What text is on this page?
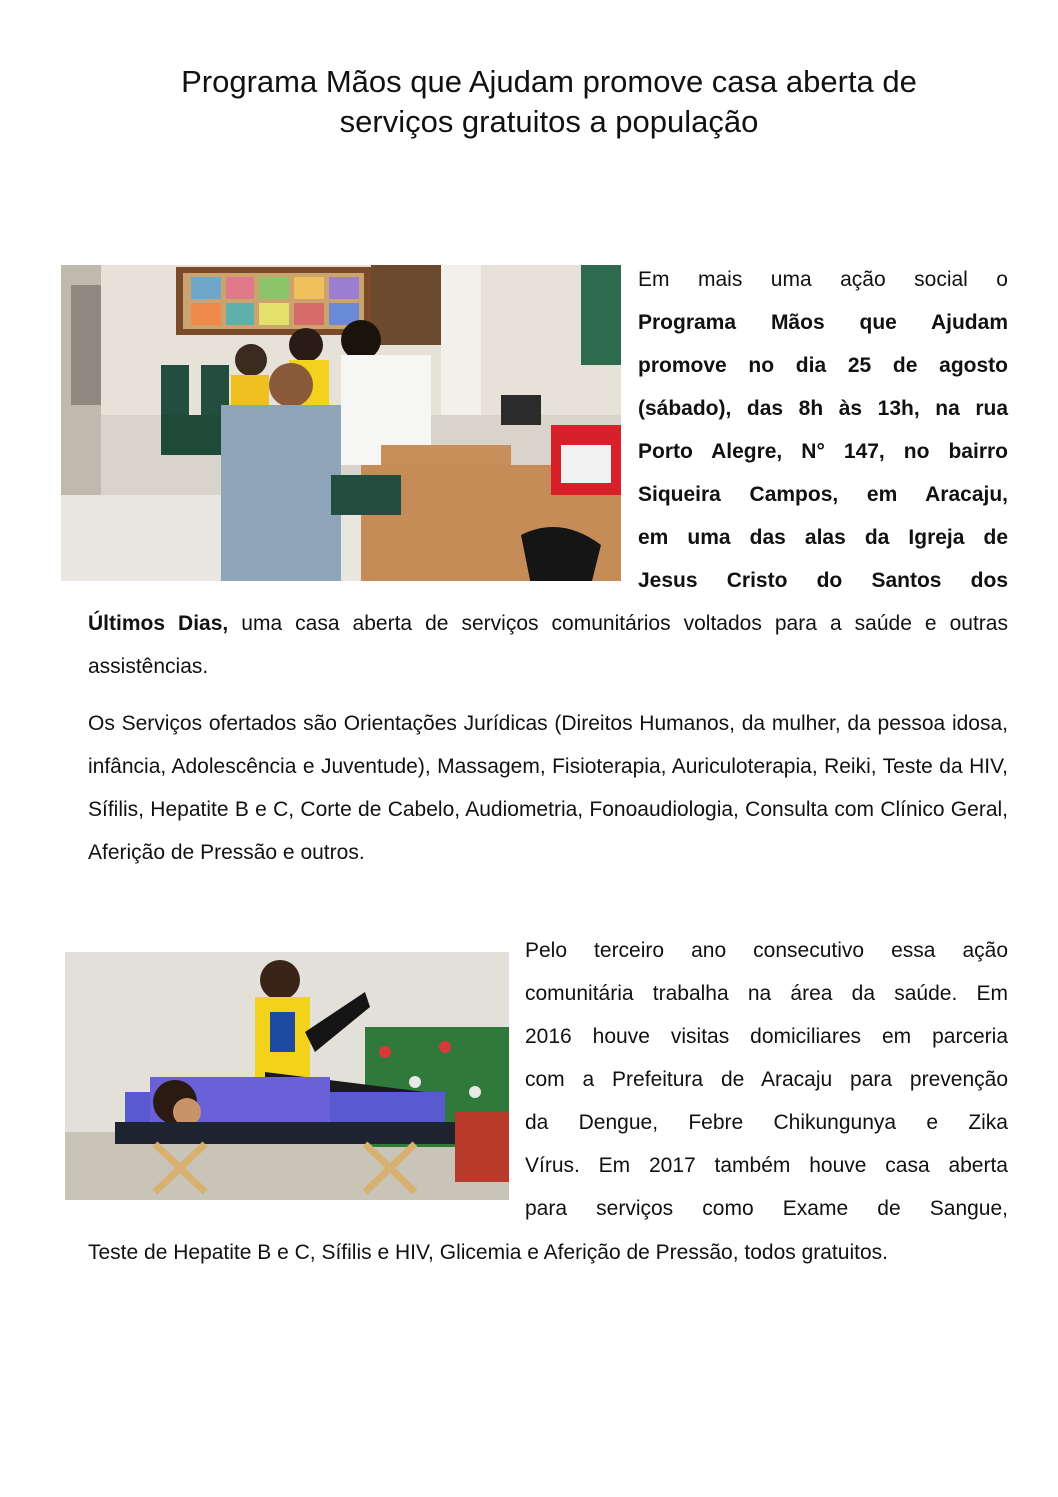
Programa Mãos que Ajudam promove casa aberta de
serviços gratuitos a população

Em mais uma ação social o
Programa Mãos que Ajudam
promove no dia 25 de agosto
(sábado), das 8h às 13h, na rua
Porto Alegre, N° 147, no bairro
Siqueira Campos, em Aracaju,
em uma das alas da Igreja de
Jesus Cristo do Santos dos

Últimos Dias, uma casa aberta de serviços comunitários voltados para a saúde e outras assistências.

Os Serviços ofertados são Orientações Jurídicas (Direitos Humanos, da mulher, da pessoa idosa, infância, Adolescência e Juventude), Massagem, Fisioterapia, Auriculoterapia, Reiki, Teste da HIV, Sífilis, Hepatite B e C, Corte de Cabelo, Audiometria, Fonoaudiologia, Consulta com Clínico Geral, Aferição de Pressão e outros.

Pelo terceiro ano consecutivo essa ação
comunitária trabalha na área da saúde. Em
2016 houve visitas domiciliares em parceria
com a Prefeitura de Aracaju para prevenção
da Dengue, Febre Chikungunya e Zika
Vírus. Em 2017 também houve casa aberta
para serviços como Exame de Sangue,

Teste de Hepatite B e C, Sífilis e HIV, Glicemia e Aferição de Pressão, todos gratuitos.
